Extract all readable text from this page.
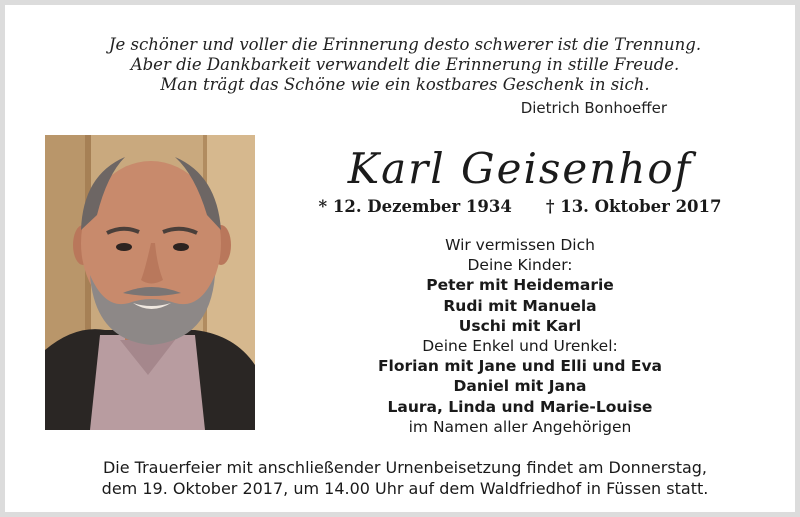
Je schöner und voller die Erinnerung desto schwerer ist die Trennung.
Aber die Dankbarkeit verwandelt die Erinnerung in stille Freude.
Man trägt das Schöne wie ein kostbares Geschenk in sich.
Dietrich Bonhoeffer
Karl Geisenhof
* 12. Dezember 1934 † 13. Oktober 2017
Wir vermissen Dich
Deine Kinder:
Peter mit Heidemarie
Rudi mit Manuela
Uschi mit Karl
Deine Enkel und Urenkel:
Florian mit Jane und Elli und Eva
Daniel mit Jana
Laura, Linda und Marie-Louise
im Namen aller Angehörigen
Die Trauerfeier mit anschließender Urnenbeisetzung findet am Donnerstag,
dem 19. Oktober 2017, um 14.00 Uhr auf dem Waldfriedhof in Füssen statt.
